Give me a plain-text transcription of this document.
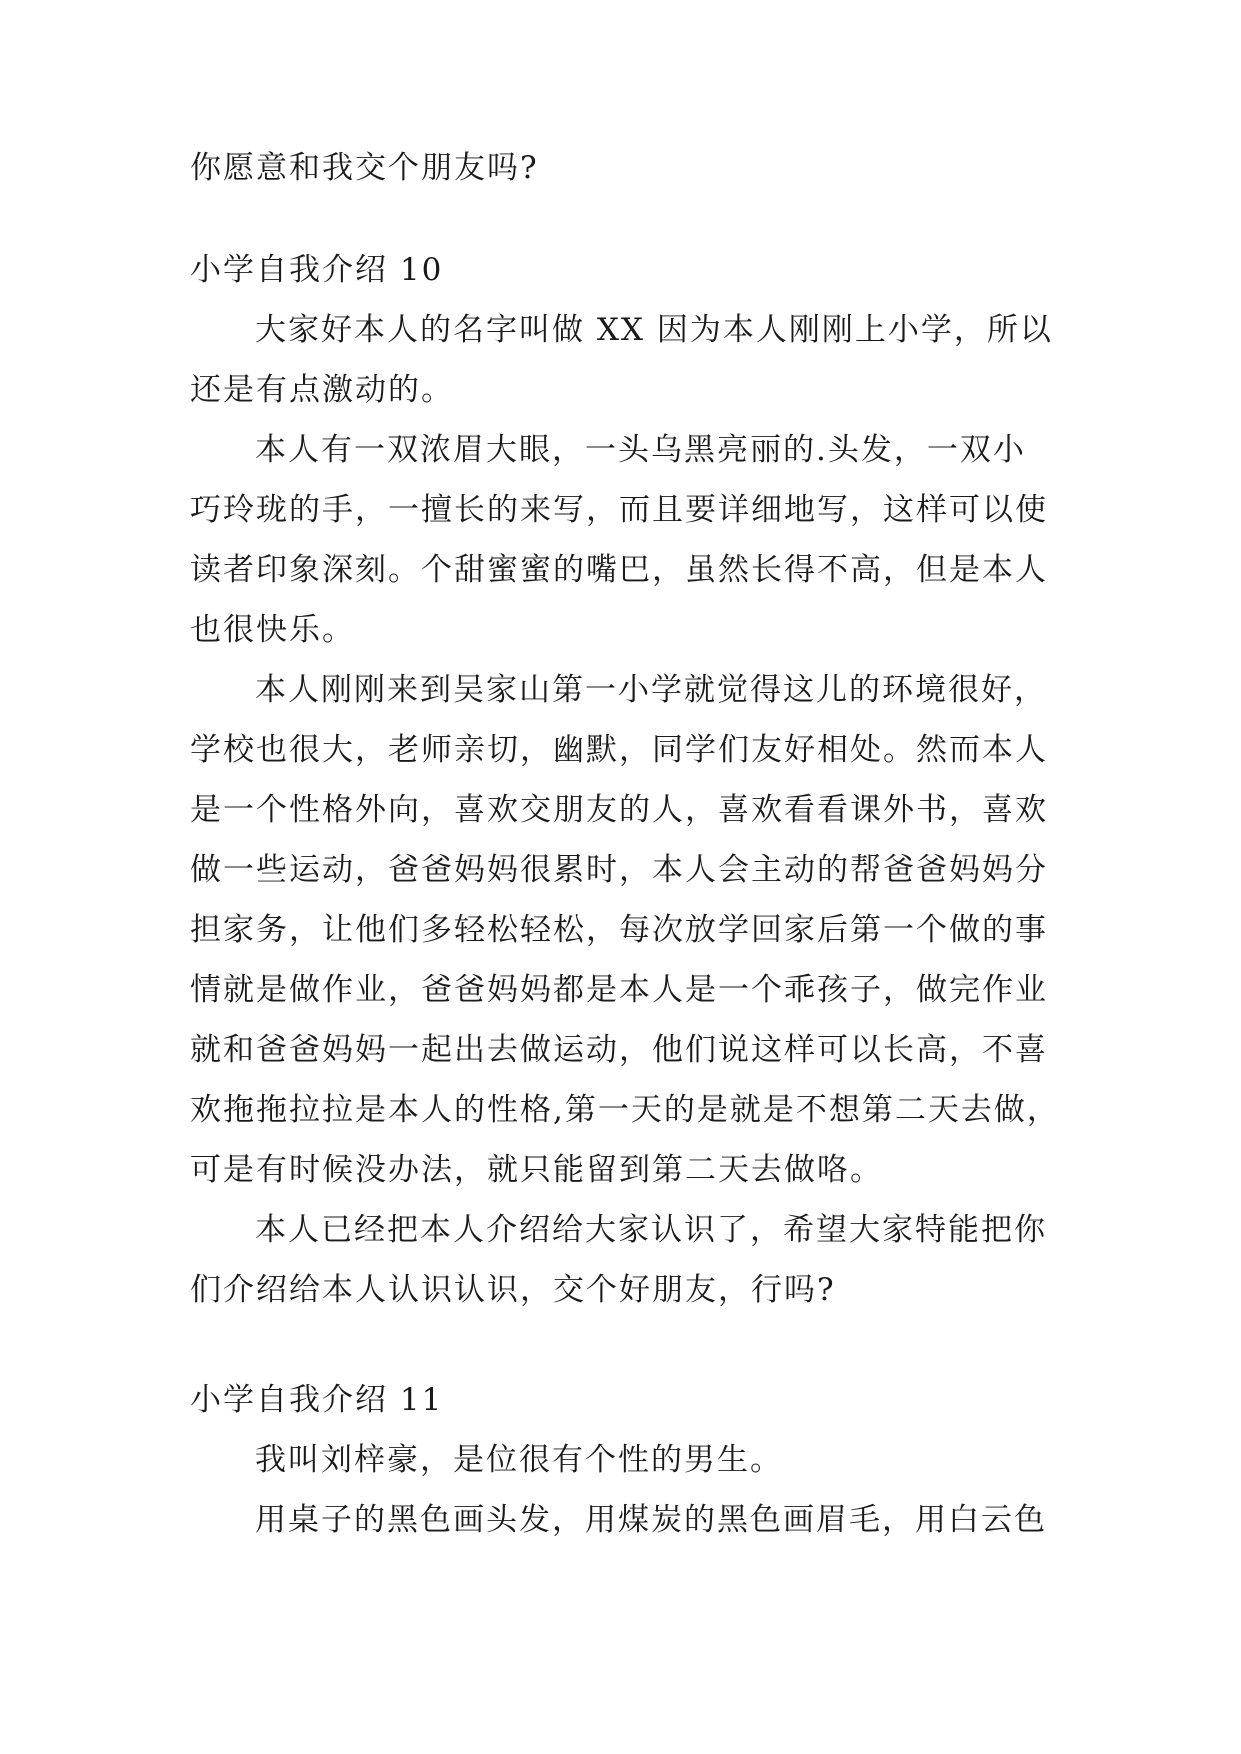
你愿意和我交个朋友吗?
小学自我介绍 10
大家好本人的名字叫做 XX 因为本人刚刚上小学，所以
还是有点激动的。
本人有一双浓眉大眼，一头乌黑亮丽的.头发，一双小
巧玲珑的手，一擅长的来写，而且要详细地写，这样可以使
读者印象深刻。个甜蜜蜜的嘴巴，虽然长得不高，但是本人
也很快乐。
本人刚刚来到吴家山第一小学就觉得这儿的环境很好，
学校也很大，老师亲切，幽默，同学们友好相处。然而本人
是一个性格外向，喜欢交朋友的人，喜欢看看课外书，喜欢
做一些运动，爸爸妈妈很累时，本人会主动的帮爸爸妈妈分
担家务，让他们多轻松轻松，每次放学回家后第一个做的事
情就是做作业，爸爸妈妈都是本人是一个乖孩子，做完作业
就和爸爸妈妈一起出去做运动，他们说这样可以长高，不喜
欢拖拖拉拉是本人的性格,第一天的是就是不想第二天去做，
可是有时候没办法，就只能留到第二天去做咯。
本人已经把本人介绍给大家认识了，希望大家特能把你
们介绍给本人认识认识，交个好朋友，行吗?
小学自我介绍 11
我叫刘梓豪，是位很有个性的男生。
用桌子的黑色画头发，用煤炭的黑色画眉毛，用白云色
